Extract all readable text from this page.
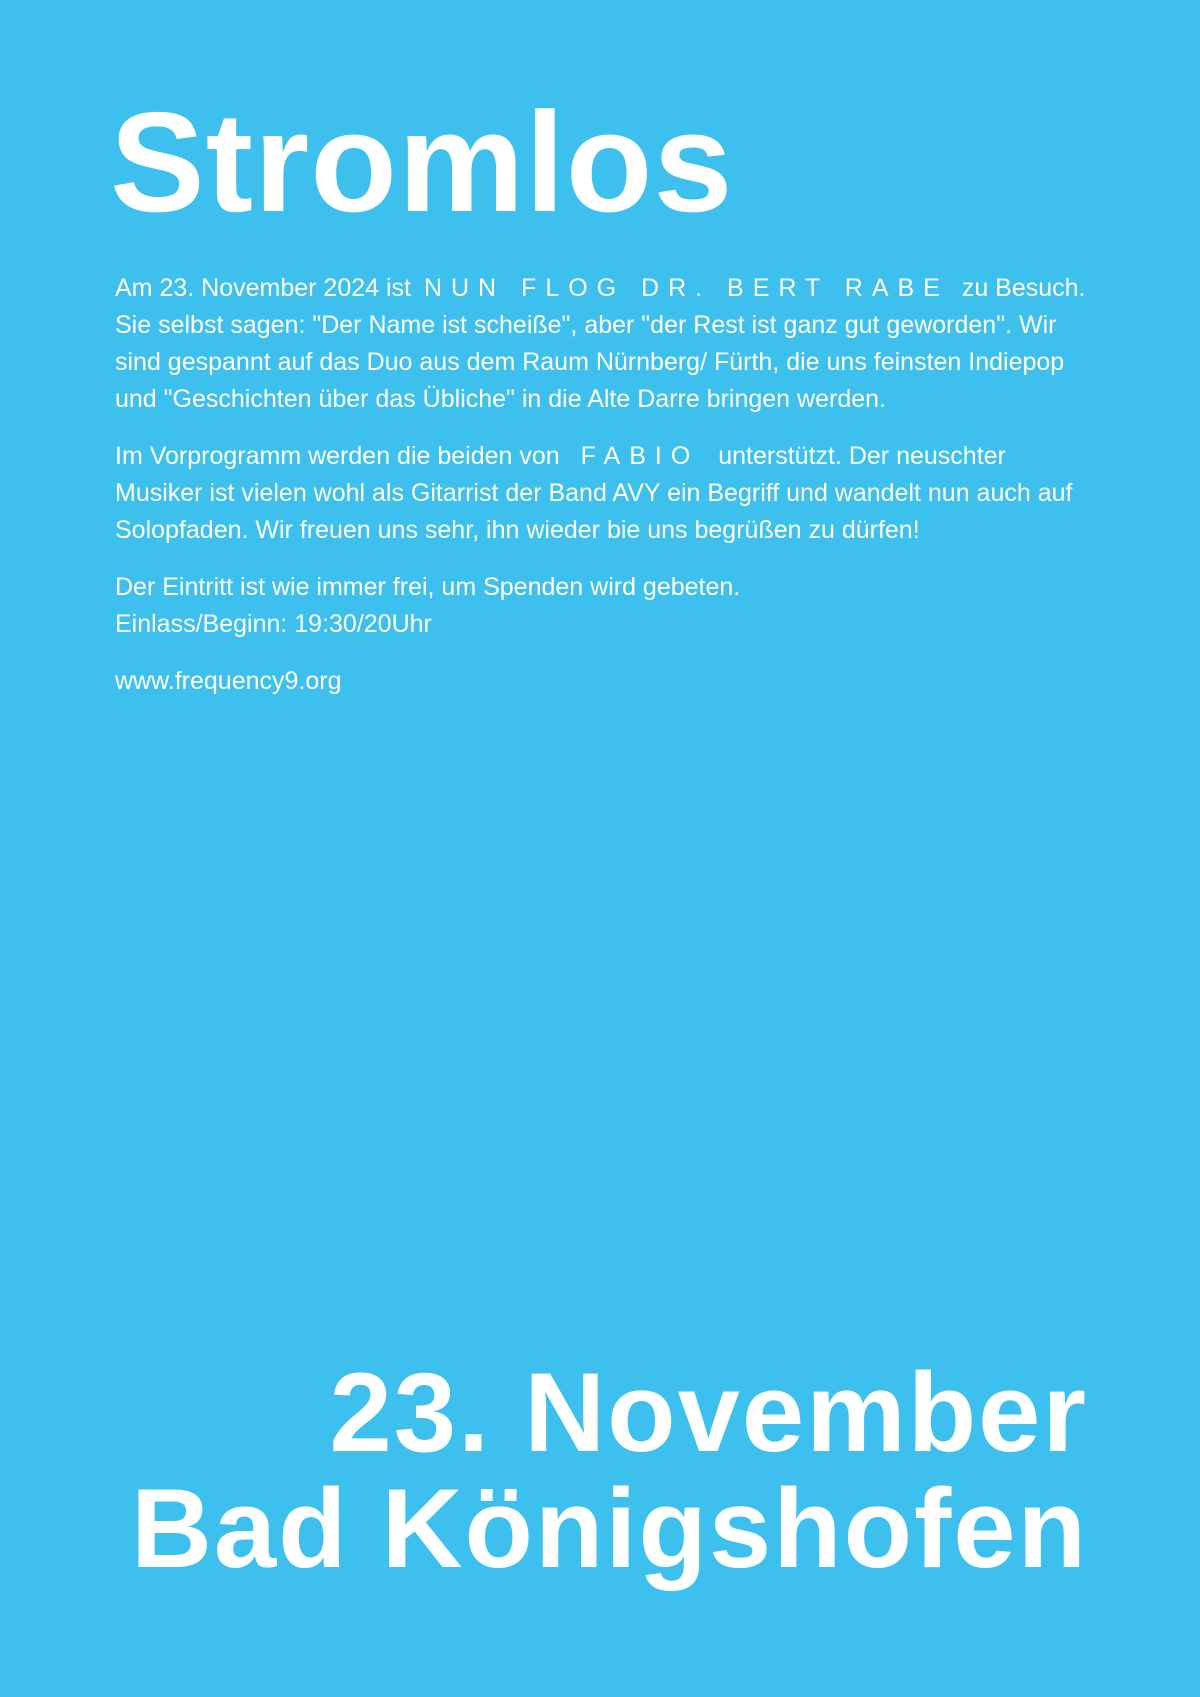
Stromlos

Am 23. November 2024 ist NUN FLOG DR. BERT RABE zu Besuch. Sie selbst sagen: "Der Name ist scheiße", aber "der Rest ist ganz gut geworden". Wir sind gespannt auf das Duo aus dem Raum Nürnberg/ Fürth, die uns feinsten Indiepop und "Geschichten über das Übliche" in die Alte Darre bringen werden.

Im Vorprogramm werden die beiden von FABIO unterstützt. Der neuschter Musiker ist vielen wohl als Gitarrist der Band AVY ein Begriff und wandelt nun auch auf Solopfaden. Wir freuen uns sehr, ihn wieder bie uns begrüßen zu dürfen!

Der Eintritt ist wie immer frei, um Spenden wird gebeten.
Einlass/Beginn: 19:30/20Uhr

www.frequency9.org

23. November
Bad Königshofen
